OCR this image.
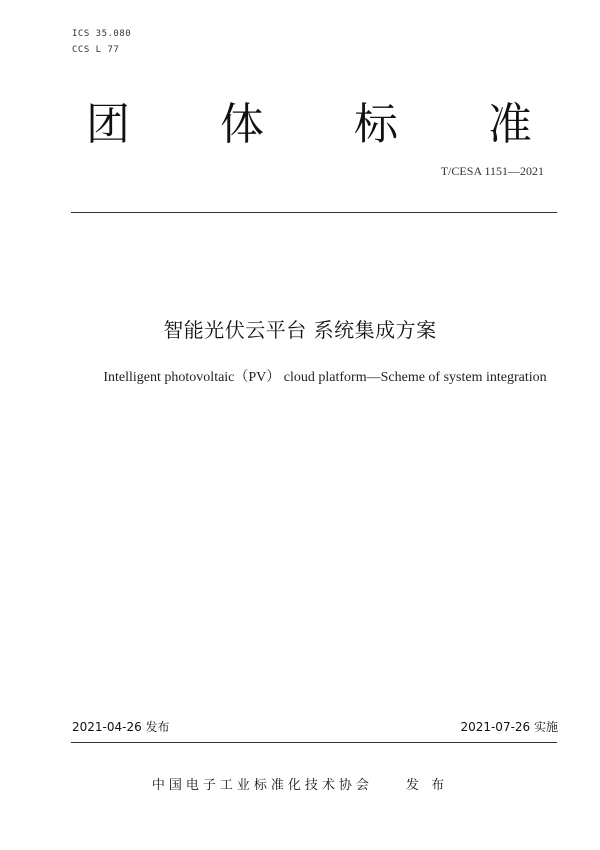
ICS 35.080
CCS L 77
团 体 标 准
T/CESA 1151—2021
智能光伏云平台 系统集成方案
Intelligent photovoltaic（PV） cloud platform—Scheme of system integration
2021-04-26 发布	2021-07-26 实施
中国电子工业标准化技术协会	发 布
